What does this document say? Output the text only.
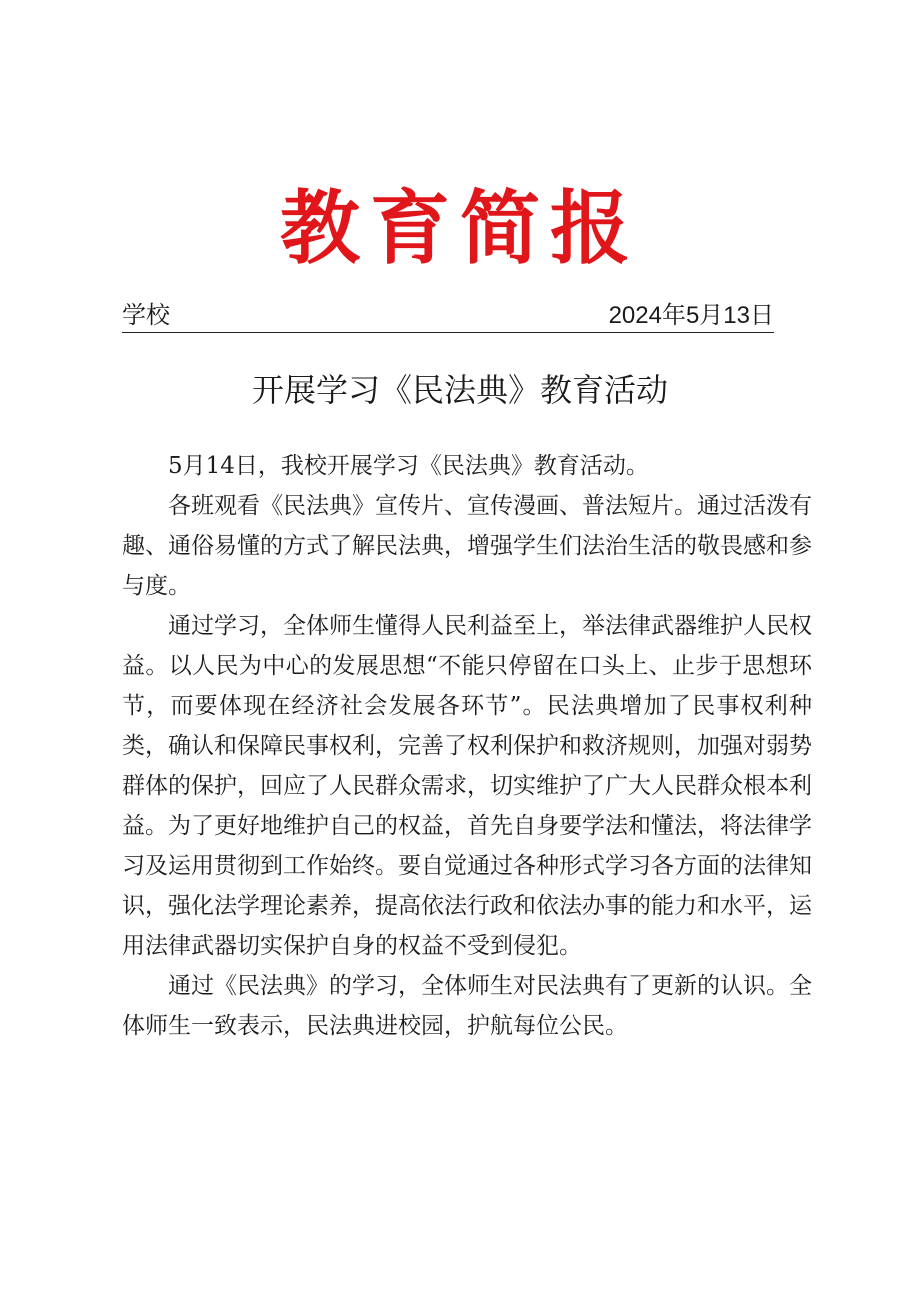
教育简报
学校	2024年5月13日
开展学习《民法典》教育活动

5月14日，我校开展学习《民法典》教育活动。

各班观看《民法典》宣传片、宣传漫画、普法短片。通过活泼有趣、通俗易懂的方式了解民法典，增强学生们法治生活的敬畏感和参与度。

通过学习，全体师生懂得人民利益至上，举法律武器维护人民权益。以人民为中心的发展思想“不能只停留在口头上、止步于思想环节，而要体现在经济社会发展各环节”。民法典增加了民事权利种类，确认和保障民事权利，完善了权利保护和救济规则，加强对弱势群体的保护，回应了人民群众需求，切实维护了广大人民群众根本利益。为了更好地维护自己的权益，首先自身要学法和懂法，将法律学习及运用贯彻到工作始终。要自觉通过各种形式学习各方面的法律知识，强化法学理论素养，提高依法行政和依法办事的能力和水平，运用法律武器切实保护自身的权益不受到侵犯。

通过《民法典》的学习，全体师生对民法典有了更新的认识。全体师生一致表示，民法典进校园，护航每位公民。
